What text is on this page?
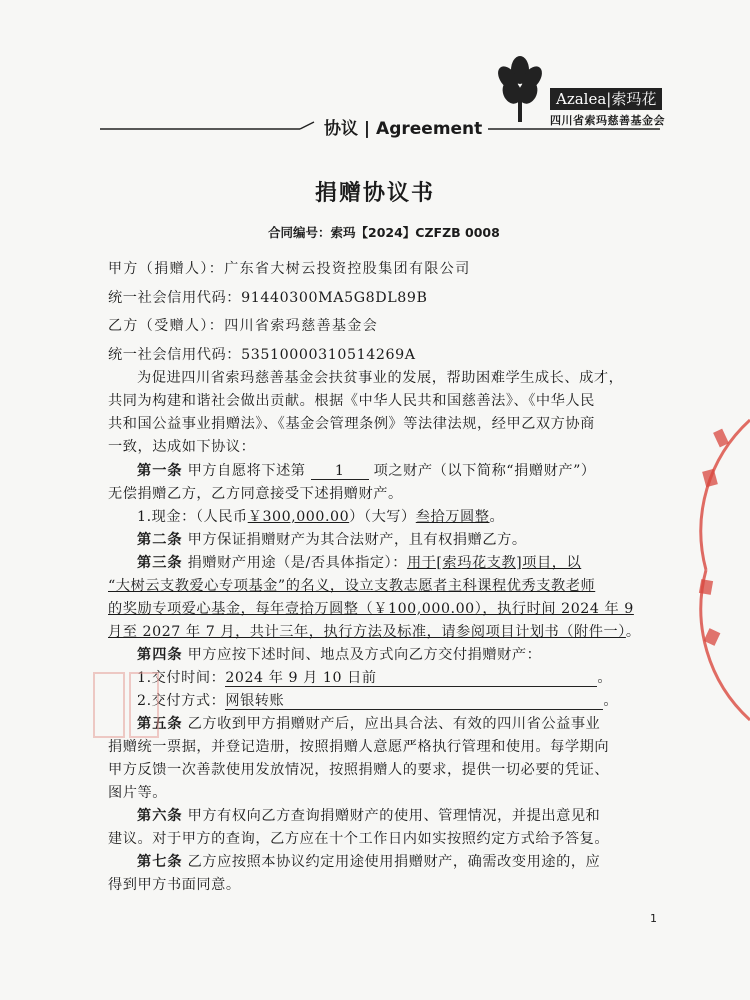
Azalea|索玛花
四川省索玛慈善基金会
协议 | Agreement
捐赠协议书
合同编号：索玛【2024】CZFZB 0008
甲方（捐赠人）：广东省大树云投资控股集团有限公司
统一社会信用代码：91440300MA5G8DL89B
乙方（受赠人）：四川省索玛慈善基金会
统一社会信用代码：53510000310514269A
为促进四川省索玛慈善基金会扶贫事业的发展，帮助困难学生成长、成才，
共同为构建和谐社会做出贡献。根据《中华人民共和国慈善法》、《中华人民
共和国公益事业捐赠法》、《基金会管理条例》等法律法规，经甲乙双方协商
一致，达成如下协议：
第一条 甲方自愿将下述第 1 项之财产（以下简称“捐赠财产”）
无偿捐赠乙方，乙方同意接受下述捐赠财产。
1.现金：（人民币￥300,000.00）（大写）叁拾万圆整。
第二条 甲方保证捐赠财产为其合法财产，且有权捐赠乙方。
第三条 捐赠财产用途（是/否具体指定）：用于[索玛花支教]项目，以
“大树云支教爱心专项基金”的名义，设立支教志愿者主科课程优秀支教老师
的奖励专项爱心基金，每年壹拾万圆整（￥100,000.00），执行时间 2024 年 9
月至 2027 年 7 月，共计三年，执行方法及标准，请参阅项目计划书（附件一）。
第四条 甲方应按下述时间、地点及方式向乙方交付捐赠财产：
1.交付时间：2024 年 9 月 10 日前	。
2.交付方式：网银转账	。
第五条 乙方收到甲方捐赠财产后，应出具合法、有效的四川省公益事业
捐赠统一票据，并登记造册，按照捐赠人意愿严格执行管理和使用。每学期向
甲方反馈一次善款使用发放情况，按照捐赠人的要求，提供一切必要的凭证、
图片等。
第六条 甲方有权向乙方查询捐赠财产的使用、管理情况，并提出意见和
建议。对于甲方的查询，乙方应在十个工作日内如实按照约定方式给予答复。
第七条 乙方应按照本协议约定用途使用捐赠财产，确需改变用途的，应
得到甲方书面同意。
1
